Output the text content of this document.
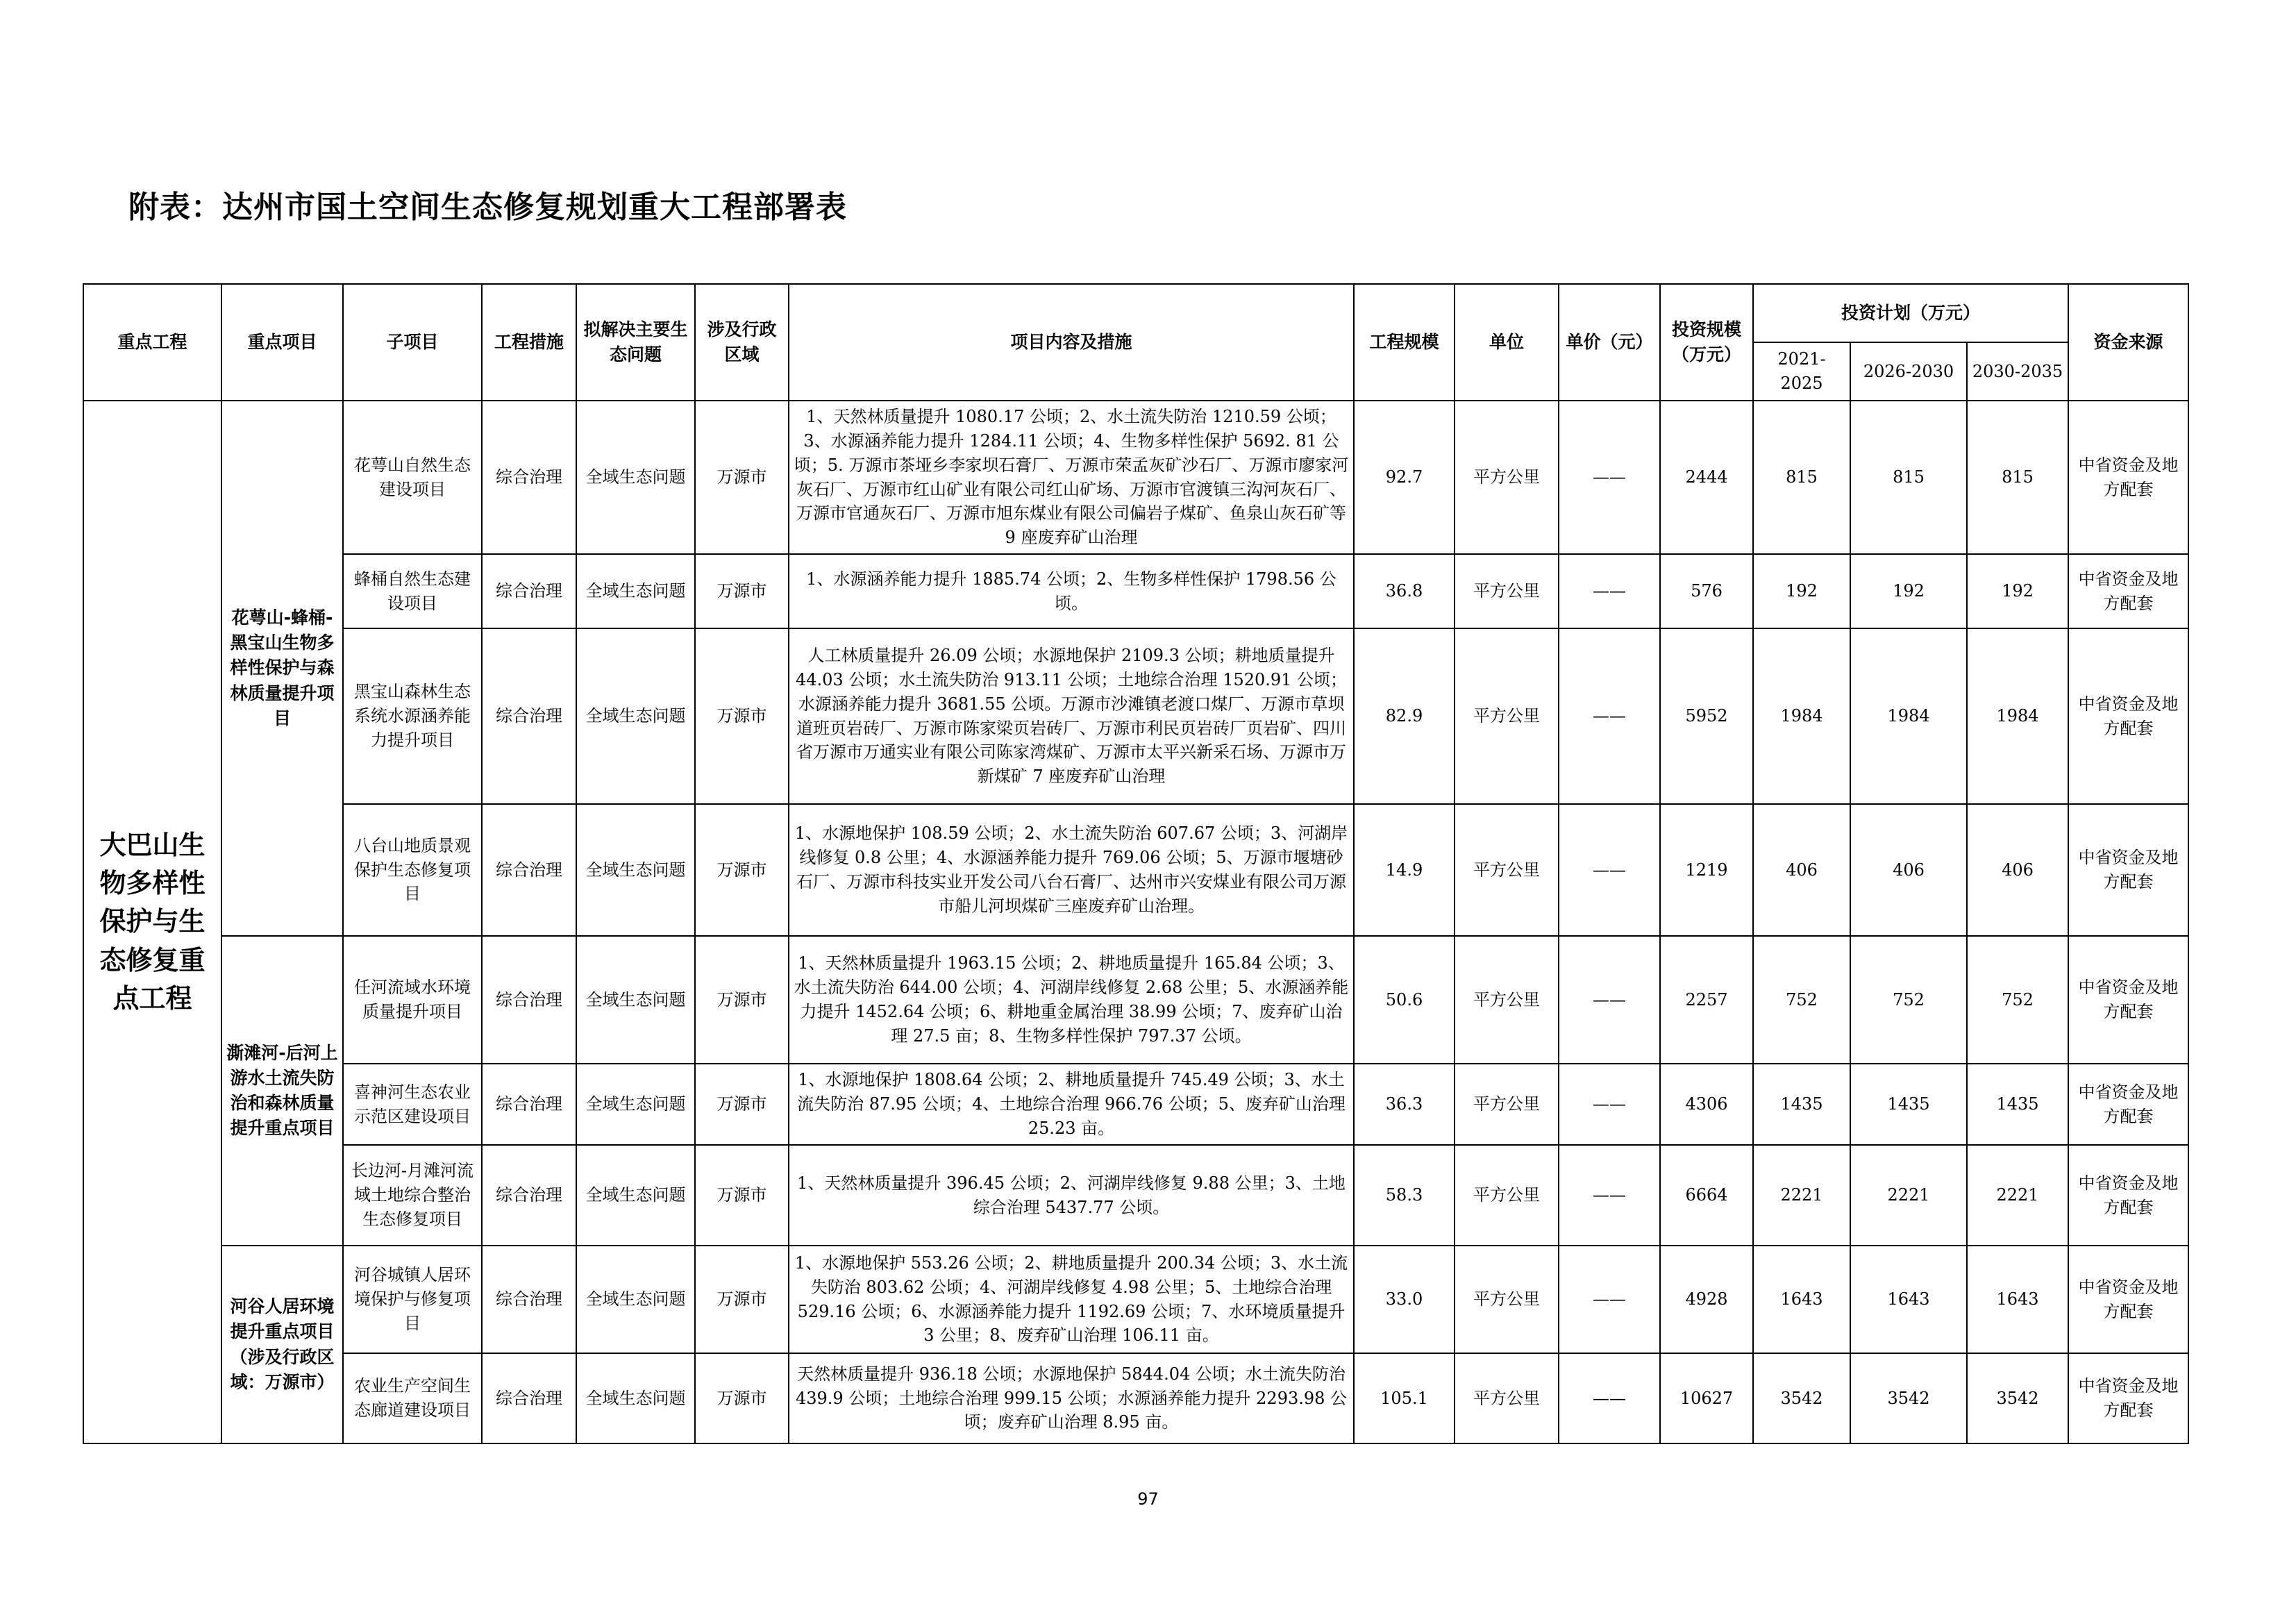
附表：达州市国土空间生态修复规划重大工程部署表
重点工程	重点项目	子项目	工程措施	拟解决主要生态问题	涉及行政区域	项目内容及措施	工程规模	单位	单价（元）	投资规模（万元）	投资计划（万元）			资金来源
											2021-2025	2026-2030	2030-2035	
大巴山生物多样性保护与生态修复重点工程	花萼山-蜂桶-黑宝山生物多样性保护与森林质量提升项目	花萼山自然生态建设项目	综合治理	全域生态问题	万源市	1、天然林质量提升 1080.17 公顷；2、水土流失防治 1210.59 公顷；3、水源涵养能力提升 1284.11 公顷；4、生物多样性保护 5692. 81 公顷；5. 万源市茶垭乡李家坝石膏厂、万源市荣孟灰矿沙石厂、万源市廖家河灰石厂、万源市红山矿业有限公司红山矿场、万源市官渡镇三沟河灰石厂、万源市官通灰石厂、万源市旭东煤业有限公司偏岩子煤矿、鱼泉山灰石矿等 9 座废弃矿山治理	92.7	平方公里	——	2444	815	815	815	中省资金及地方配套
		蜂桶自然生态建设项目	综合治理	全域生态问题	万源市	1、水源涵养能力提升 1885.74 公顷；2、生物多样性保护 1798.56 公顷。	36.8	平方公里	——	576	192	192	192	中省资金及地方配套
		黑宝山森林生态系统水源涵养能力提升项目	综合治理	全域生态问题	万源市	人工林质量提升 26.09 公顷；水源地保护 2109.3 公顷；耕地质量提升 44.03 公顷；水土流失防治 913.11 公顷；土地综合治理 1520.91 公顷；水源涵养能力提升 3681.55 公顷。万源市沙滩镇老渡口煤厂、万源市草坝道班页岩砖厂、万源市陈家梁页岩砖厂、万源市利民页岩砖厂页岩矿、四川省万源市万通实业有限公司陈家湾煤矿、万源市太平兴新采石场、万源市万新煤矿 7 座废弃矿山治理	82.9	平方公里	——	5952	1984	1984	1984	中省资金及地方配套
		八台山地质景观保护生态修复项目	综合治理	全域生态问题	万源市	1、水源地保护 108.59 公顷；2、水土流失防治 607.67 公顷；3、河湖岸线修复 0.8 公里；4、水源涵养能力提升 769.06 公顷；5、万源市堰塘砂石厂、万源市科技实业开发公司八台石膏厂、达州市兴安煤业有限公司万源市船儿河坝煤矿三座废弃矿山治理。	14.9	平方公里	——	1219	406	406	406	中省资金及地方配套
	澌滩河-后河上游水土流失防治和森林质量提升重点项目	任河流域水环境质量提升项目	综合治理	全域生态问题	万源市	1、天然林质量提升 1963.15 公顷；2、耕地质量提升 165.84 公顷；3、水土流失防治 644.00 公顷；4、河湖岸线修复 2.68 公里；5、水源涵养能力提升 1452.64 公顷；6、耕地重金属治理 38.99 公顷；7、废弃矿山治理 27.5 亩；8、生物多样性保护 797.37 公顷。	50.6	平方公里	——	2257	752	752	752	中省资金及地方配套
		喜神河生态农业示范区建设项目	综合治理	全域生态问题	万源市	1、水源地保护 1808.64 公顷；2、耕地质量提升 745.49 公顷；3、水土流失防治 87.95 公顷；4、土地综合治理 966.76 公顷；5、废弃矿山治理 25.23 亩。	36.3	平方公里	——	4306	1435	1435	1435	中省资金及地方配套
		长边河-月滩河流域土地综合整治生态修复项目	综合治理	全域生态问题	万源市	1、天然林质量提升 396.45 公顷；2、河湖岸线修复 9.88 公里；3、土地综合治理 5437.77 公顷。	58.3	平方公里	——	6664	2221	2221	2221	中省资金及地方配套
	河谷人居环境提升重点项目（涉及行政区域：万源市）	河谷城镇人居环境保护与修复项目	综合治理	全域生态问题	万源市	1、水源地保护 553.26 公顷；2、耕地质量提升 200.34 公顷；3、水土流失防治 803.62 公顷；4、河湖岸线修复 4.98 公里；5、土地综合治理 529.16 公顷；6、水源涵养能力提升 1192.69 公顷；7、水环境质量提升 3 公里；8、废弃矿山治理 106.11 亩。	33.0	平方公里	——	4928	1643	1643	1643	中省资金及地方配套
		农业生产空间生态廊道建设项目	综合治理	全域生态问题	万源市	天然林质量提升 936.18 公顷；水源地保护 5844.04 公顷；水土流失防治 439.9 公顷；土地综合治理 999.15 公顷；水源涵养能力提升 2293.98 公顷；废弃矿山治理 8.95 亩。	105.1	平方公里	——	10627	3542	3542	3542	中省资金及地方配套
97
